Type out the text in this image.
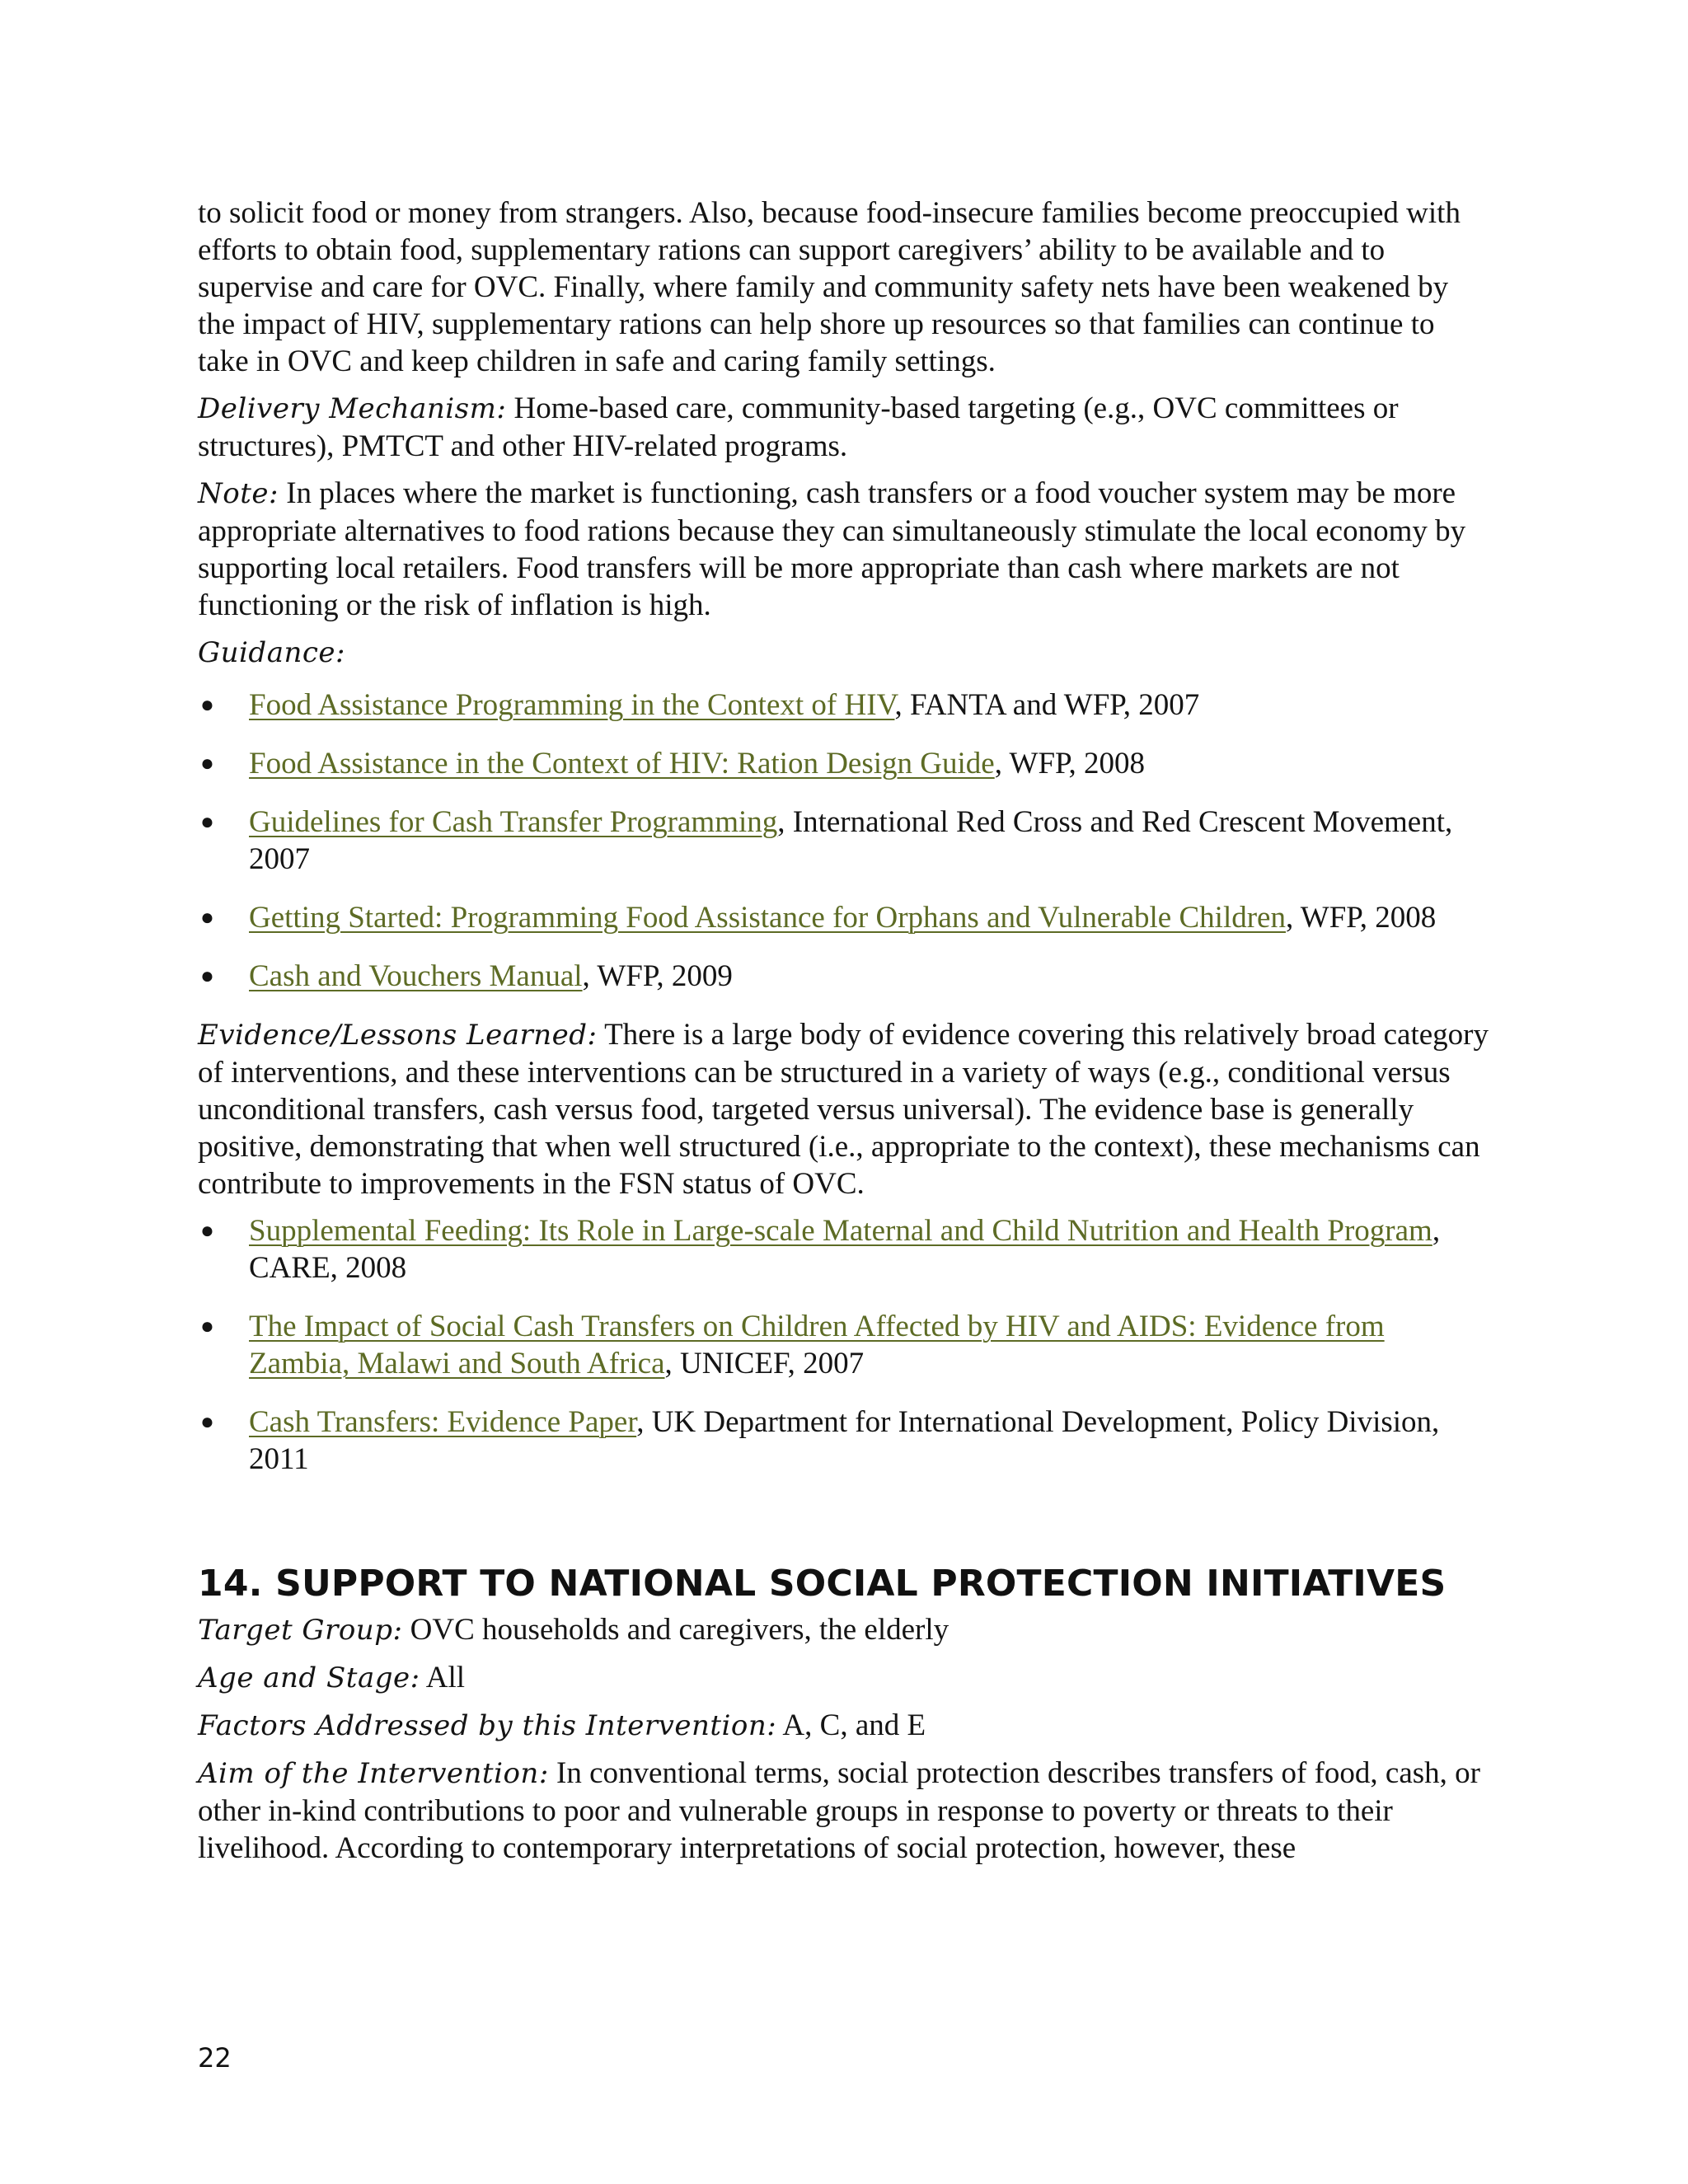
to solicit food or money from strangers. Also, because food-insecure families become preoccupied with efforts to obtain food, supplementary rations can support caregivers’ ability to be available and to supervise and care for OVC. Finally, where family and community safety nets have been weakened by the impact of HIV, supplementary rations can help shore up resources so that families can continue to take in OVC and keep children in safe and caring family settings.

Delivery Mechanism: Home-based care, community-based targeting (e.g., OVC committees or structures), PMTCT and other HIV-related programs.

Note: In places where the market is functioning, cash transfers or a food voucher system may be more appropriate alternatives to food rations because they can simultaneously stimulate the local economy by supporting local retailers. Food transfers will be more appropriate than cash where markets are not functioning or the risk of inflation is high.

Guidance:

● Food Assistance Programming in the Context of HIV, FANTA and WFP, 2007
● Food Assistance in the Context of HIV: Ration Design Guide, WFP, 2008
● Guidelines for Cash Transfer Programming, International Red Cross and Red Crescent Movement, 2007
● Getting Started: Programming Food Assistance for Orphans and Vulnerable Children, WFP, 2008
● Cash and Vouchers Manual, WFP, 2009

Evidence/Lessons Learned: There is a large body of evidence covering this relatively broad category of interventions, and these interventions can be structured in a variety of ways (e.g., conditional versus unconditional transfers, cash versus food, targeted versus universal). The evidence base is generally positive, demonstrating that when well structured (i.e., appropriate to the context), these mechanisms can contribute to improvements in the FSN status of OVC.

● Supplemental Feeding: Its Role in Large-scale Maternal and Child Nutrition and Health Program, CARE, 2008
● The Impact of Social Cash Transfers on Children Affected by HIV and AIDS: Evidence from Zambia, Malawi and South Africa, UNICEF, 2007
● Cash Transfers: Evidence Paper, UK Department for International Development, Policy Division, 2011
14. SUPPORT TO NATIONAL SOCIAL PROTECTION INITIATIVES

Target Group: OVC households and caregivers, the elderly

Age and Stage: All

Factors Addressed by this Intervention: A, C, and E

Aim of the Intervention: In conventional terms, social protection describes transfers of food, cash, or other in-kind contributions to poor and vulnerable groups in response to poverty or threats to their livelihood. According to contemporary interpretations of social protection, however, these

22
